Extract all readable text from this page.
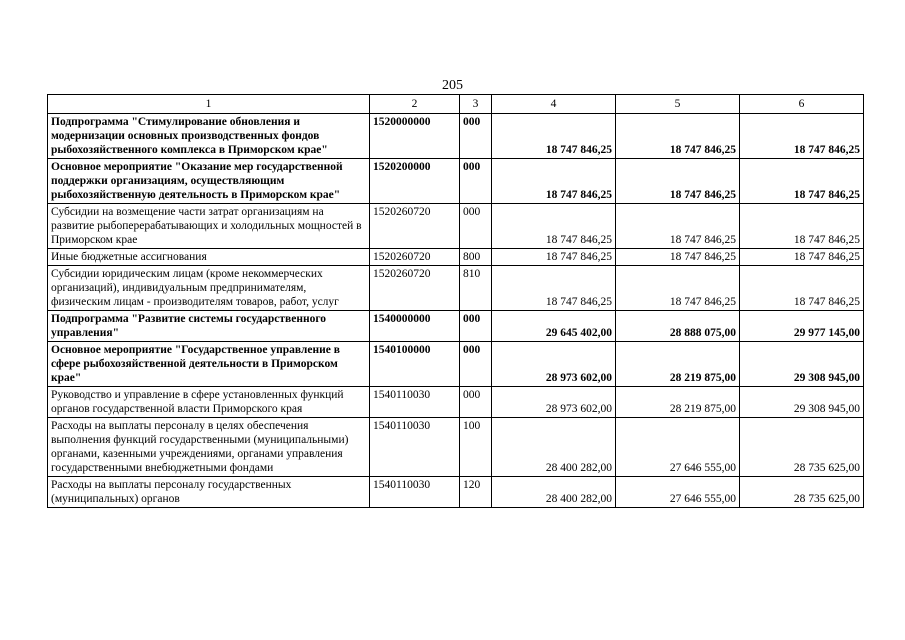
205
1	2	3	4	5	6
Подпрограмма "Стимулирование обновления и модернизации основных производственных фондов рыбохозяйственного комплекса в Приморском крае"	1520000000	000	18 747 846,25	18 747 846,25	18 747 846,25
Основное мероприятие "Оказание мер государственной поддержки организациям, осуществляющим рыбохозяйственную деятельность в Приморском крае"	1520200000	000	18 747 846,25	18 747 846,25	18 747 846,25
Субсидии на возмещение части затрат организациям на развитие рыбоперерабатывающих и холодильных мощностей в Приморском крае	1520260720	000	18 747 846,25	18 747 846,25	18 747 846,25
Иные бюджетные ассигнования	1520260720	800	18 747 846,25	18 747 846,25	18 747 846,25
Субсидии юридическим лицам (кроме некоммерческих организаций), индивидуальным предпринимателям, физическим лицам - производителям товаров, работ, услуг	1520260720	810	18 747 846,25	18 747 846,25	18 747 846,25
Подпрограмма "Развитие системы государственного управления"	1540000000	000	29 645 402,00	28 888 075,00	29 977 145,00
Основное мероприятие "Государственное управление в сфере рыбохозяйственной деятельности в Приморском крае"	1540100000	000	28 973 602,00	28 219 875,00	29 308 945,00
Руководство и управление в сфере установленных функций органов государственной власти Приморского края	1540110030	000	28 973 602,00	28 219 875,00	29 308 945,00
Расходы на выплаты персоналу в целях обеспечения выполнения функций государственными (муниципальными) органами, казенными учреждениями, органами управления государственными внебюджетными фондами	1540110030	100	28 400 282,00	27 646 555,00	28 735 625,00
Расходы на выплаты персоналу государственных (муниципальных) органов	1540110030	120	28 400 282,00	27 646 555,00	28 735 625,00
